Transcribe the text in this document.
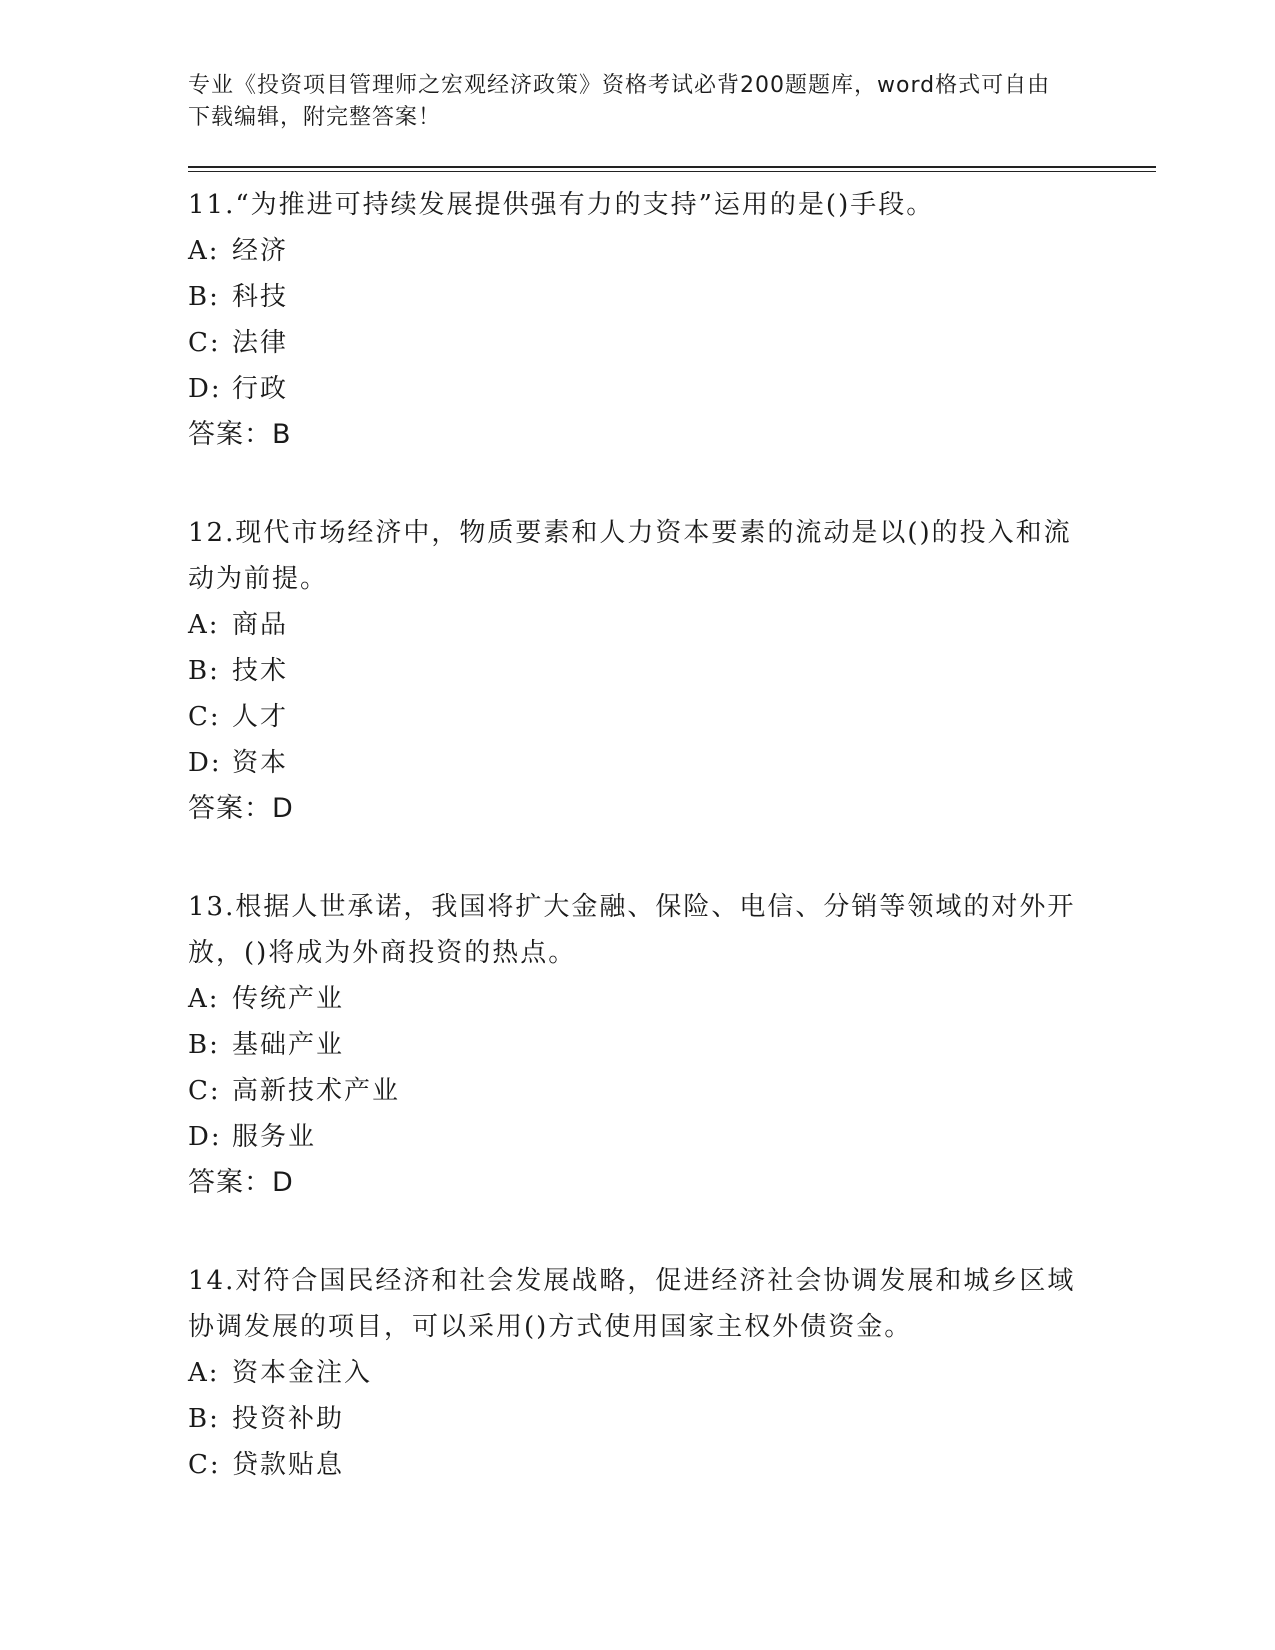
专业《投资项目管理师之宏观经济政策》资格考试必背200题题库，word格式可自由下载编辑，附完整答案！

11.“为推进可持续发展提供强有力的支持”运用的是()手段。

A: 经济
B: 科技
C: 法律
D: 行政
答案：B

12.现代市场经济中，物质要素和人力资本要素的流动是以()的投入和流动为前提。

A: 商品
B: 技术
C: 人才
D: 资本
答案：D

13.根据人世承诺，我国将扩大金融、保险、电信、分销等领域的对外开放，()将成为外商投资的热点。

A: 传统产业
B: 基础产业
C: 高新技术产业
D: 服务业
答案：D

14.对符合国民经济和社会发展战略，促进经济社会协调发展和城乡区域协调发展的项目，可以采用()方式使用国家主权外债资金。

A: 资本金注入
B: 投资补助
C: 贷款贴息
